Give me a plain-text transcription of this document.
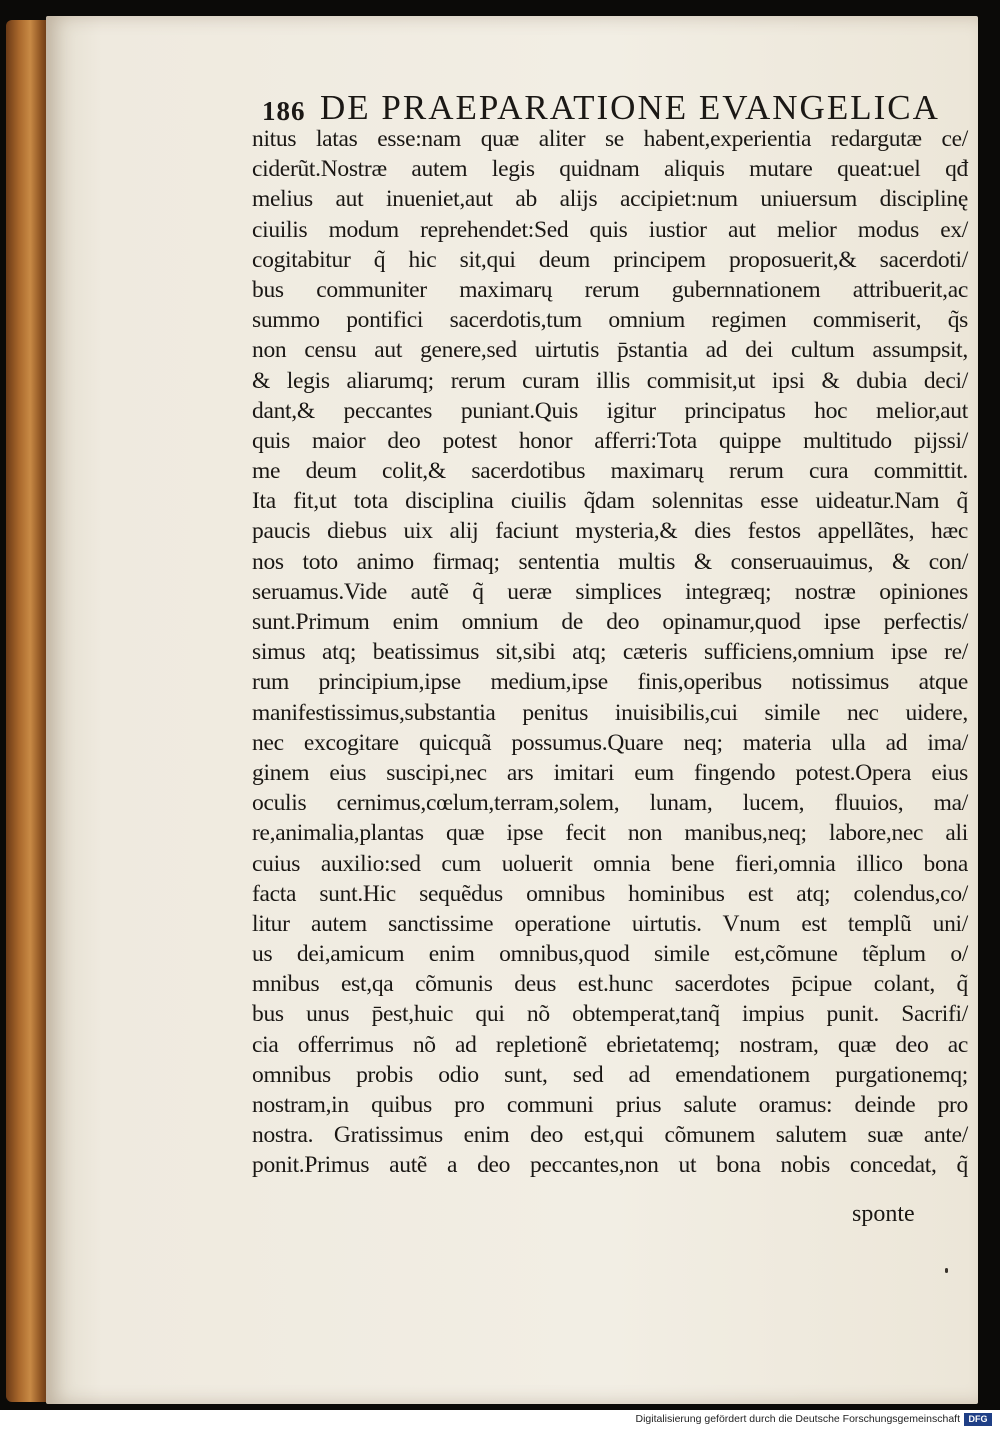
186 DE PRAEPARATIONE EVANGELICA
nitus latas esse:nam quæ aliter se habent,experientia redargutæ ce/
ciderũt.Nostræ autem legis quidnam aliquis mutare queat:uel qđ
melius aut inueniet,aut ab alijs accipiet:num uniuersum disciplinę
ciuilis modum reprehendet:Sed quis iustior aut melior modus ex/
cogitabitur q̃ hic sit,qui deum principem proposuerit,& sacerdoti/
bus communiter maximarų rerum gubernnationem attribuerit,ac
summo pontifici sacerdotis,tum omnium regimen commiserit, q̃s
non censu aut genere,sed uirtutis p̄stantia ad dei cultum assumpsit,
& legis aliarumq; rerum curam illis commisit,ut ipsi & dubia deci/
dant,& peccantes puniant.Quis igitur principatus hoc melior,aut
quis maior deo potest honor afferri:Tota quippe multitudo pijssi/
me deum colit,& sacerdotibus maximarų rerum cura committit.
Ita fit,ut tota disciplina ciuilis q̃dam solennitas esse uideatur.Nam q̃
paucis diebus uix alij faciunt mysteria,& dies festos appellãtes, hæc
nos toto animo firmaq; sententia multis & conseruauimus, & con/
seruamus.Vide autẽ q̃ ueræ simplices integræq; nostræ opiniones
sunt.Primum enim omnium de deo opinamur,quod ipse perfectis/
simus atq; beatissimus sit,sibi atq; cæteris sufficiens,omnium ipse re/
rum principium,ipse medium,ipse finis,operibus notissimus atque
manifestissimus,substantia penitus inuisibilis,cui simile nec uidere,
nec excogitare quicquã possumus.Quare neq; materia ulla ad ima/
ginem eius suscipi,nec ars imitari eum fingendo potest.Opera eius
oculis cernimus,cœlum,terram,solem, lunam, lucem, fluuios, ma/
re,animalia,plantas quæ ipse fecit non manibus,neq; labore,nec ali
cuius auxilio:sed cum uoluerit omnia bene fieri,omnia illico bona
facta sunt.Hic sequẽdus omnibus hominibus est atq; colendus,co/
litur autem sanctissime operatione uirtutis. Vnum est templũ uni/
us dei,amicum enim omnibus,quod simile est,cõmune tẽplum o/
mnibus est,qa cõmunis deus est.hunc sacerdotes p̄cipue colant, q̃
bus unus p̄est,huic qui nõ obtemperat,tanq̃ impius punit. Sacrifi/
cia offerrimus nõ ad repletionẽ ebrietatemq; nostram, quæ deo ac
omnibus probis odio sunt, sed ad emendationem purgationemq;
nostram,in quibus pro communi prius salute oramus: deinde pro
nostra. Gratissimus enim deo est,qui cõmunem salutem suæ ante/
ponit.Primus autẽ a deo peccantes,non ut bona nobis concedat, q̃
sponte
Digitalisierung gefördert durch die Deutsche Forschungsgemeinschaft DFG
